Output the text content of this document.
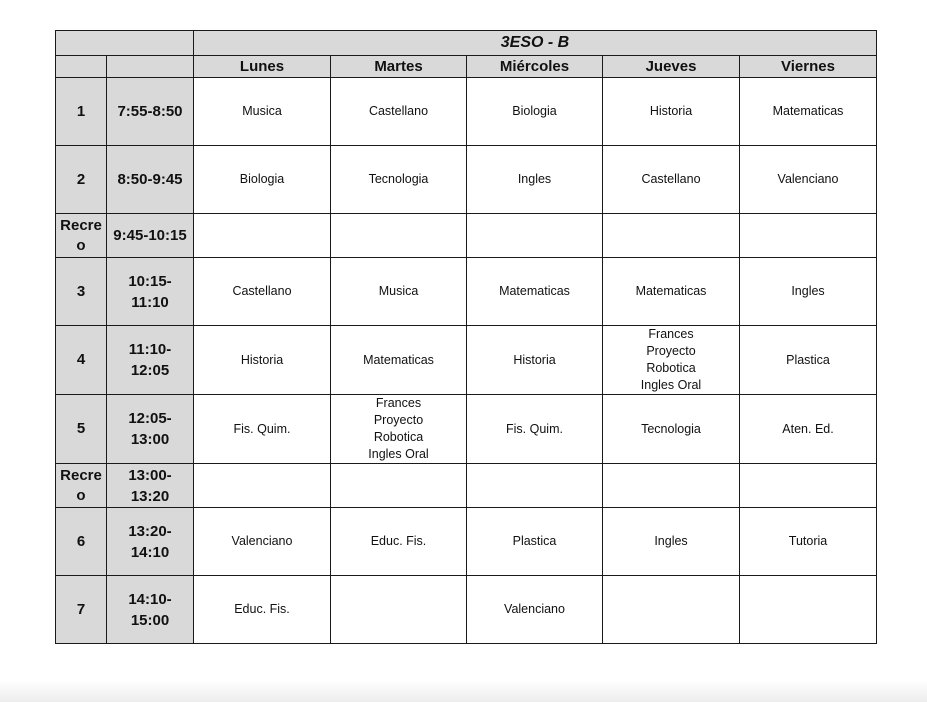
		3ESO - B				
		Lunes	Martes	Miércoles	Jueves	Viernes

1	7:55-8:50	Musica	Castellano	Biologia	Historia	Matematicas

2	8:50-9:45	Biologia	Tecnologia	Ingles	Castellano	Valenciano

Recre
o	9:45-10:15					

3	10:15-
11:10	Castellano	Musica	Matematicas	Matematicas	Ingles

4	11:10-
12:05	Historia	Matematicas	Historia	Frances
Proyecto
Robotica
Ingles Oral	Plastica

5	12:05-
13:00	Fis. Quim.	Frances
Proyecto
Robotica
Ingles Oral	Fis. Quim.	Tecnologia	Aten. Ed.

Recre
o	13:00-
13:20					

6	13:20-
14:10	Valenciano	Educ. Fis.	Plastica	Ingles	Tutoria

7	14:10-
15:00	Educ. Fis.		Valenciano		
